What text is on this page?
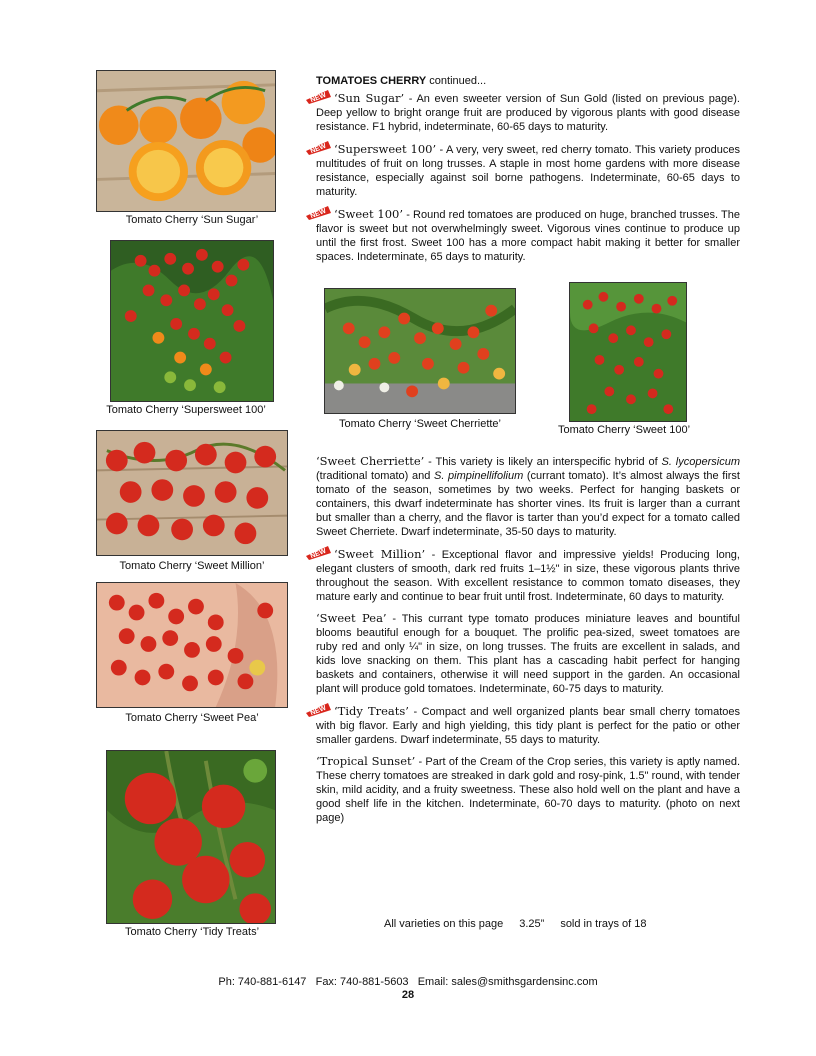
Tomato Cherry ‘Sun Sugar’
Tomato Cherry ‘Supersweet 100’
Tomato Cherry ‘Sweet Million’
Tomato Cherry ‘Sweet Pea’
Tomato Cherry ‘Tidy Treats’
Tomato Cherry ‘Sweet Cherriette’	Tomato Cherry ‘Sweet 100’
TOMATOES CHERRY continued...

NEW ‘Sun Sugar’ - An even sweeter version of Sun Gold (listed on previous page). Deep yellow to bright orange fruit are produced by vigorous plants with good disease resistance. F1 hybrid, indeterminate, 60-65 days to maturity.

NEW ‘Supersweet 100’ - A very, very sweet, red cherry tomato. This variety produces multitudes of fruit on long trusses. A staple in most home gardens with more disease resistance, especially against soil borne pathogens. Indeterminate, 60-65 days to maturity.

NEW ‘Sweet 100’ - Round red tomatoes are produced on huge, branched trusses. The flavor is sweet but not overwhelmingly sweet. Vigorous vines continue to produce up until the first frost. Sweet 100 has a more compact habit making it better for smaller spaces. Indeterminate, 65 days to maturity.

‘Sweet Cherriette’ - This variety is likely an interspecific hybrid of S. lycopersicum (traditional tomato) and S. pimpinellifolium (currant tomato). It’s almost always the first tomato of the season, sometimes by two weeks. Perfect for hanging baskets or containers, this dwarf indeterminate has shorter vines. Its fruit is larger than a currant but smaller than a cherry, and the flavor is tarter than you’d expect for a tomato called Sweet Cherriete. Dwarf indeterminate, 35-50 days to maturity.

NEW ‘Sweet Million’ - Exceptional flavor and impressive yields! Producing long, elegant clusters of smooth, dark red fruits 1–1½" in size, these vigorous plants thrive throughout the season. With excellent resistance to common tomato diseases, they mature early and continue to bear fruit until frost. Indeterminate, 60 days to maturity.

‘Sweet Pea’ - This currant type tomato produces miniature leaves and bountiful blooms beautiful enough for a bouquet. The prolific pea-sized, sweet tomatoes are ruby red and only ¼" in size, on long trusses. The fruits are excellent in salads, and kids love snacking on them. This plant has a cascading habit perfect for hanging baskets and containers, otherwise it will need support in the garden. An occasional plant will produce gold tomatoes. Indeterminate, 60-75 days to maturity.

NEW ‘Tidy Treats’ - Compact and well organized plants bear small cherry tomatoes with big flavor. Early and high yielding, this tidy plant is perfect for the patio or other smaller gardens. Dwarf indeterminate, 55 days to maturity.

‘Tropical Sunset’ - Part of the Cream of the Crop series, this variety is aptly named. These cherry tomatoes are streaked in dark gold and rosy-pink, 1.5" round, with tender skin, mild acidity, and a fruity sweetness. These also hold well on the plant and have a good shelf life in the kitchen. Indeterminate, 60-70 days to maturity. (photo on next page)

All varieties on this page 3.25” sold in trays of 18
Ph: 740-881-6147   Fax: 740-881-5603   Email: sales@smithsgardensinc.com
28
